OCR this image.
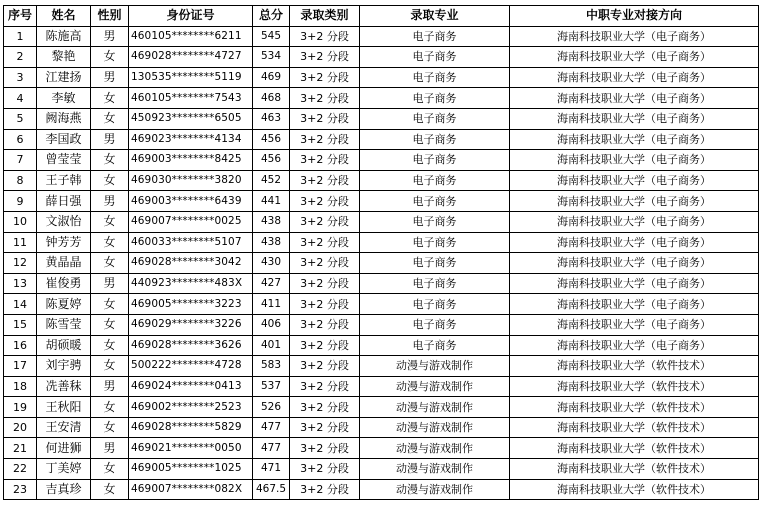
序号	姓名	性别	身份证号	总分	录取类别	录取专业	中职专业对接方向
1	陈施高	男	460105********6211	545	3+2 分段	电子商务	海南科技职业大学（电子商务）
2	黎艳	女	469028********4727	534	3+2 分段	电子商务	海南科技职业大学（电子商务）
3	江建扬	男	130535********5119	469	3+2 分段	电子商务	海南科技职业大学（电子商务）
4	李敏	女	460105********7543	468	3+2 分段	电子商务	海南科技职业大学（电子商务）
5	阙海燕	女	450923********6505	463	3+2 分段	电子商务	海南科技职业大学（电子商务）
6	李国政	男	469023********4134	456	3+2 分段	电子商务	海南科技职业大学（电子商务）
7	曾莹莹	女	469003********8425	456	3+2 分段	电子商务	海南科技职业大学（电子商务）
8	王子韩	女	469030********3820	452	3+2 分段	电子商务	海南科技职业大学（电子商务）
9	薛日强	男	469003********6439	441	3+2 分段	电子商务	海南科技职业大学（电子商务）
10	文淑怡	女	469007********0025	438	3+2 分段	电子商务	海南科技职业大学（电子商务）
11	钟芳芳	女	460033********5107	438	3+2 分段	电子商务	海南科技职业大学（电子商务）
12	黄晶晶	女	469028********3042	430	3+2 分段	电子商务	海南科技职业大学（电子商务）
13	崔俊勇	男	440923********483X	427	3+2 分段	电子商务	海南科技职业大学（电子商务）
14	陈夏婷	女	469005********3223	411	3+2 分段	电子商务	海南科技职业大学（电子商务）
15	陈雪莹	女	469029********3226	406	3+2 分段	电子商务	海南科技职业大学（电子商务）
16	胡硕暖	女	469028********3626	401	3+2 分段	电子商务	海南科技职业大学（电子商务）
17	刘宇骋	女	500222********4728	583	3+2 分段	动漫与游戏制作	海南科技职业大学（软件技术）
18	冼善秣	男	469024********0413	537	3+2 分段	动漫与游戏制作	海南科技职业大学（软件技术）
19	王秋阳	女	469002********2523	526	3+2 分段	动漫与游戏制作	海南科技职业大学（软件技术）
20	王安清	女	469028********5829	477	3+2 分段	动漫与游戏制作	海南科技职业大学（软件技术）
21	何进狮	男	469021********0050	477	3+2 分段	动漫与游戏制作	海南科技职业大学（软件技术）
22	丁美婷	女	469005********1025	471	3+2 分段	动漫与游戏制作	海南科技职业大学（软件技术）
23	吉真珍	女	469007********082X	467.5	3+2 分段	动漫与游戏制作	海南科技职业大学（软件技术）
